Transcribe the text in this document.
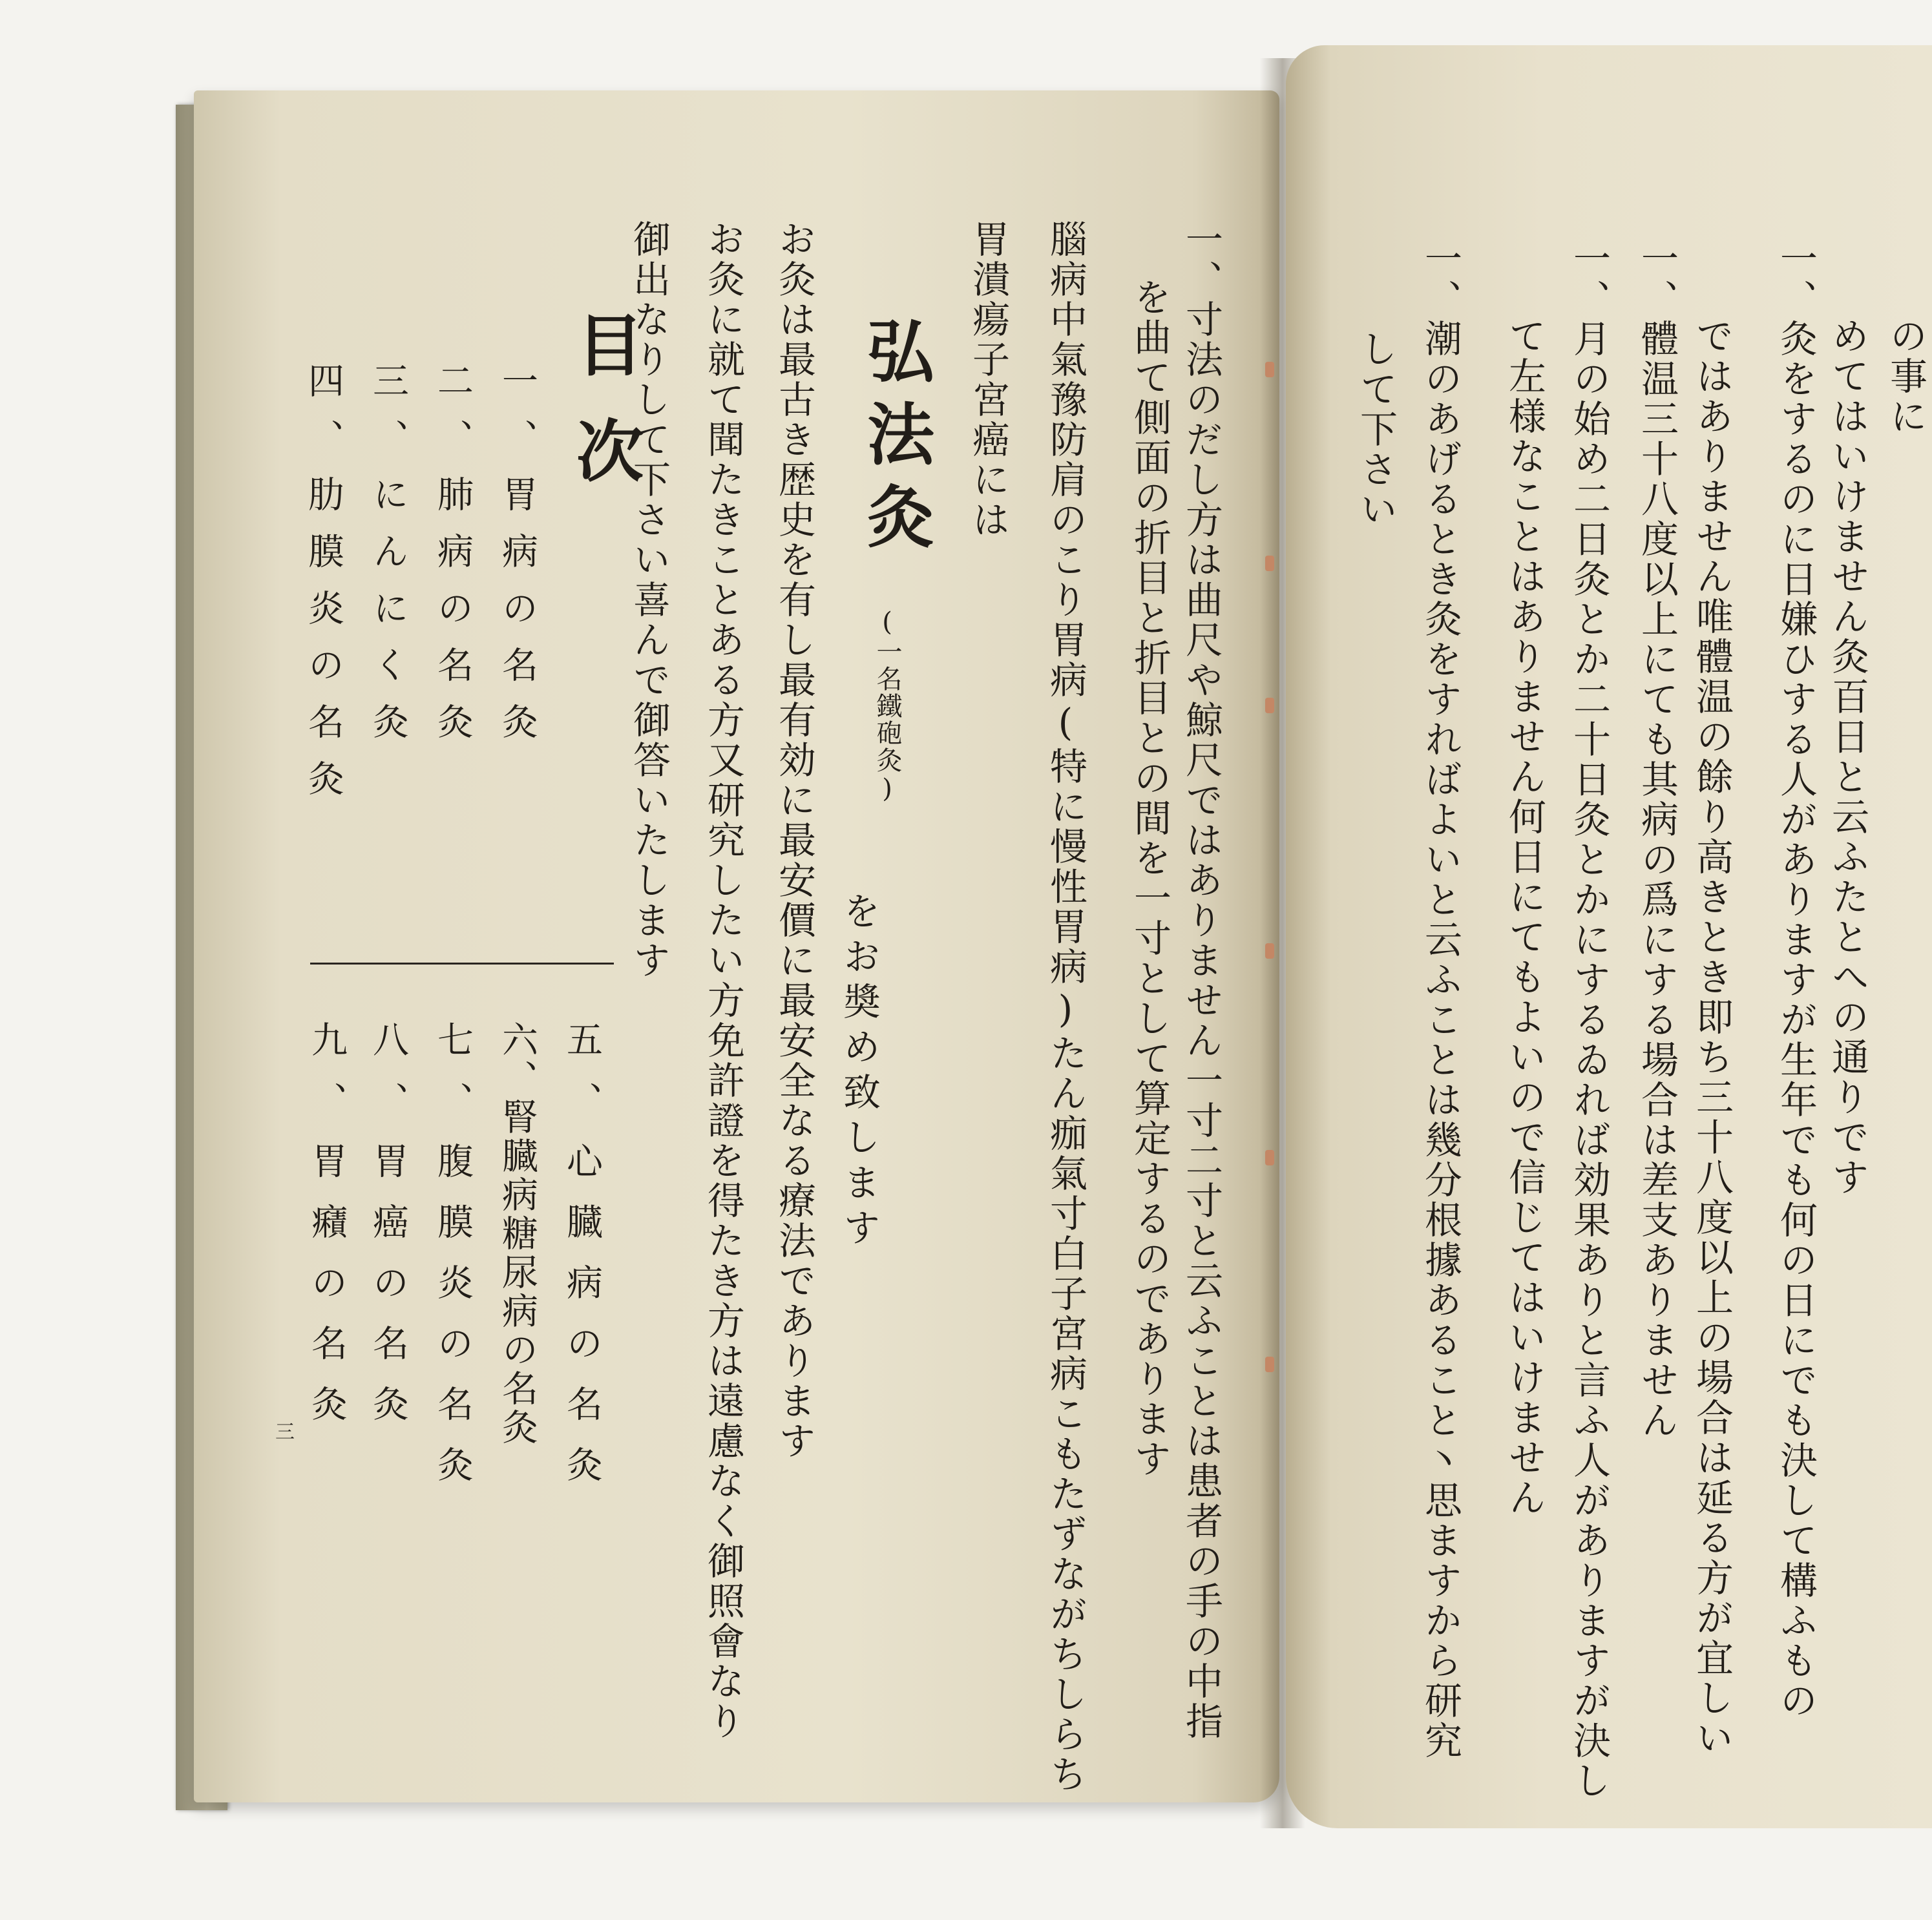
一、寸法のだし方は曲尺や鯨尺ではありません一寸二寸と云ふことは患者の手の中指
を曲て側面の折目と折目との間を一寸として算定するのであります
腦病中氣豫防肩のこり胃病(特に慢性胃病)たん痂氣寸白子宮病こもたずながちしらち
胃潰瘍子宮癌には
弘法灸
(一名鐵砲灸)
をお奬め致します
お灸は最古き歴史を有し最有効に最安價に最安全なる療法であります
お灸に就て聞たきことある方又研究したい方免許證を得たき方は遠慮なく御照會なり
御出なりして下さい喜んで御答いたします
目次
一、胃病の名灸
二、肺病の名灸
三、にんにく灸
四、肋膜炎の名灸
五、心臓病の名灸
六、腎臓病糖尿病の名灸
七、腹膜炎の名灸
八、胃癌の名灸
九、胃癪の名灸
三
の事に
めてはいけません灸百日と云ふたとへの通りです
一、灸をするのに日嫌ひする人がありますが生年でも何の日にでも決して構ふもの
ではありません唯體温の餘り高きとき即ち三十八度以上の場合は延る方が宜しい
一、體温三十八度以上にても其病の爲にする場合は差支ありません
一、月の始め二日灸とか二十日灸とかにするゐれば効果ありと言ふ人がありますが決し
て左様なことはありません何日にてもよいので信じてはいけません
一、潮のあげるとき灸をすればよいと云ふことは幾分根據あること丶思ますから研究
して下さい
